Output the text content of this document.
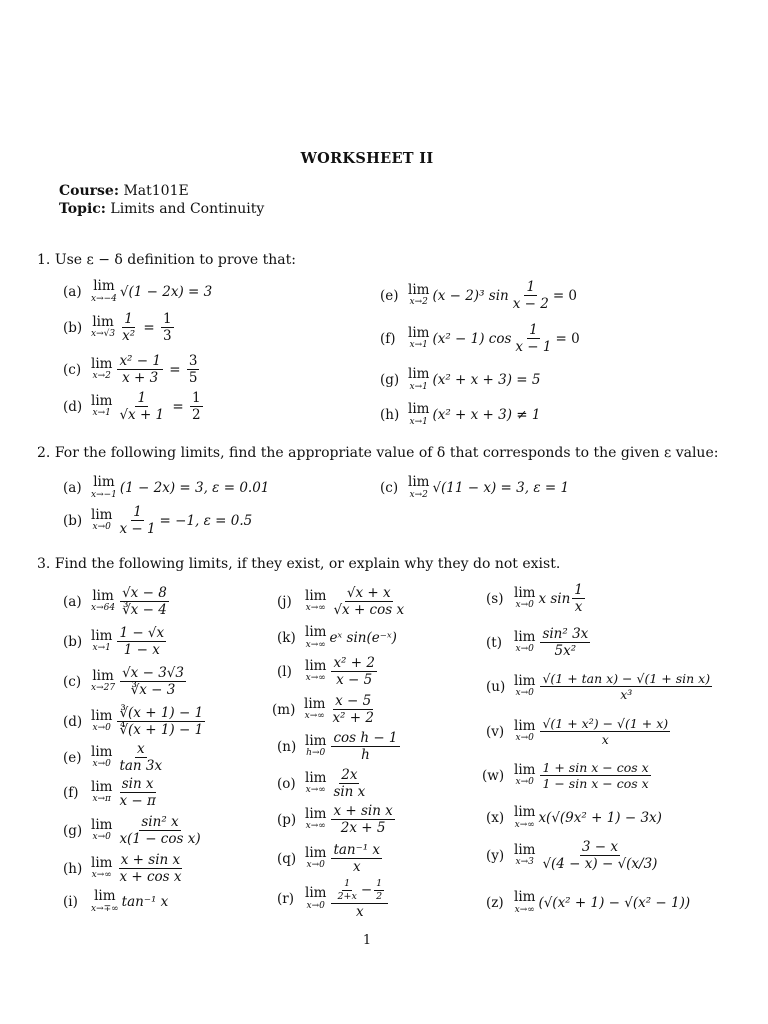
WORKSHEET II
Course: Mat101E
Topic: Limits and Continuity
1. Use ε − δ definition to prove that:
(a) lim
x→−4 √(1 − 2x) = 3
(b) lim
$x\to√3 \frac{1}{\text{x²}} = \frac{1}{3}$
(c) lim
$x\to 2 \frac{\text{x² − 1}}{x + 3} = \frac{3}{5}$
(d) lim
$x\to 1 \frac{1}{√x + 1} = \frac{1}{2}$
(e) lim
x→2 (x − 2)³ $\sin \frac{1}{x - 2} = 0$
(f) lim
x→1 (x² − 1) $\cos \frac{1}{x - 1} = 0$
(g) lim
x→1 (x² + x + 3) = 5
(h) lim
x→1 (x² + x + 3) ≠ 1
2. For the following limits, find the appropriate value of δ that corresponds to the given ε value:
(a) lim
x→−1 (1 − 2x) = 3, ε = 0.01
(b) lim
$x\to 0 \frac{1}{x - 1} = -1$, ε = 0.5
(c) lim
x→2 √(11 − x) = 3, ε = 1
3. Find the following limits, if they exist, or explain why they do not exist.
(a) lim
$x\to 64 \frac{√x - 8}{∛x - 4}$
(b) lim
$x\to 1 \frac{1 - √x}{1 - x}$
(c) lim
$x\to 27 \frac{√x - 3√3}{∛x - 3}$
(d) lim
$x\to 0 \frac{∛(x + 1) - 1}{∜(x + 1) - 1}$
(e) lim
$x\to 0 \frac{x}{\tan 3x}$
(f) lim
$x\to\pi \frac{\text{sin x}}{x - \pi}$
(g) lim
$x\to 0 \frac{\text{sin² x}}{\text{x(1 − cos x)}}$
(h) lim
$x\to\infty \frac{\text{x + sin x}}{\text{x + cos x}}$
(i)	lim
x→∓∞ tan⁻¹ x
(j) lim
$x\to\infty \frac{√x + x}{\text{√x + cos x}}$
(k) lim
x→∞ eˣ sin(e⁻ˣ)
(l) lim
$x\to\infty \frac{\text{x² + 2}}{x - 5}$
(m) lim
$x\to\infty \frac{x - 5}{\text{x² + 2}}$
(n) lim
$h\to 0 \frac{\text{cos h − 1}}{h}$
(o) lim
$x\to\infty \frac{2x}{\text{sin x}}$
(p) lim
$x\to\infty \frac{\text{x + sin x}}{2x + 5}$
(q) lim
$x\to 0 \frac{\text{tan⁻¹ x}}{x}$
(r) lim
$x\to 0 \frac{\frac{1}{2+x} - \frac{1}{2}}{x}$
(s) lim
x→0 x $\sin \frac{1}{x}$
(t) lim
$x\to 0 \frac{\text{sin² 3x}}{\text{5x²}}$
(u) lim
$x\to 0 \frac{\text{√(1 + tan x) − √(1 + sin x)}}{\text{x³}}$
(v) lim
$x\to 0 \frac{\text{√(1 + x²) − √(1 + x)}}{x}$
(w) lim
$x\to 0 \frac{\text{1 + sin x − cos x}}{\text{1 − sin x − cos x}}$
(x) lim
x→∞ x(√(9x² + 1) − 3x)
(y) lim
$x\to 3 \frac{3 - x}{√(4 - x) - √(x/3)}$
(z) lim
x→∞ (√(x² + 1) − √(x² − 1))
1
